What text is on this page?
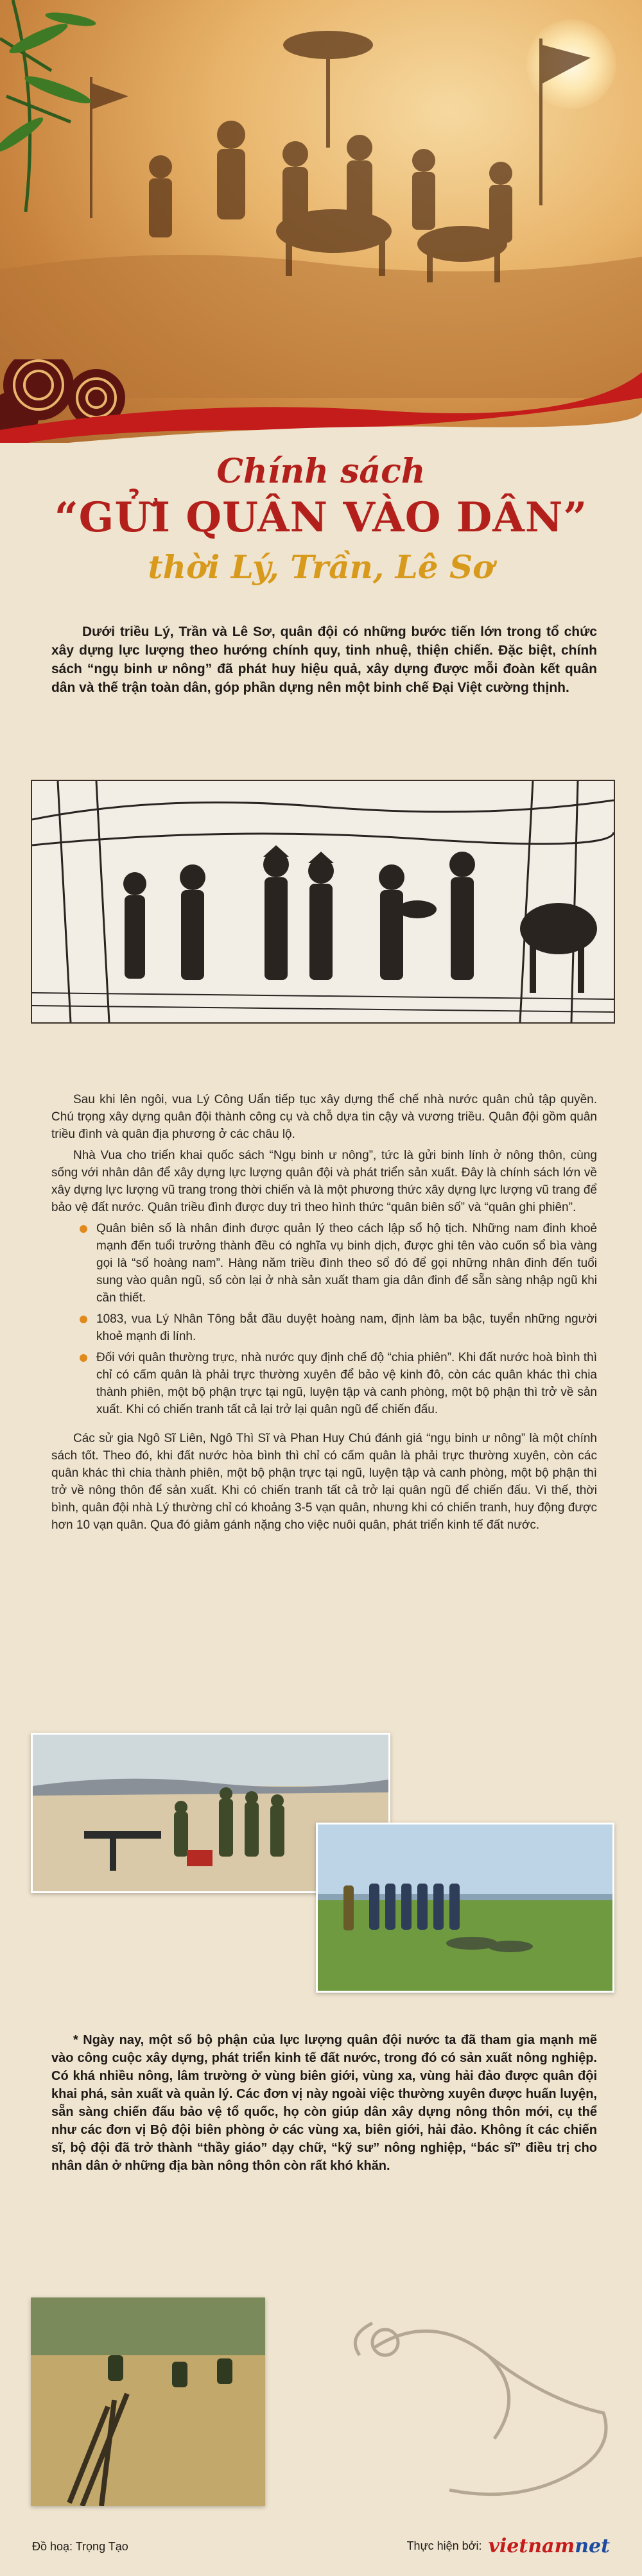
Chính sách
“GỬI QUÂN VÀO DÂN”
thời Lý, Trần, Lê Sơ

Dưới triều Lý, Trần và Lê Sơ, quân đội có những bước tiến lớn trong tổ chức xây dựng lực lượng theo hướng chính quy, tinh nhuệ, thiện chiến. Đặc biệt, chính sách “ngụ binh ư nông” đã phát huy hiệu quả, xây dựng được mỗi đoàn kết quân dân và thế trận toàn dân, góp phần dựng nên một binh chế Đại Việt cường thịnh.

Sau khi lên ngôi, vua Lý Công Uẩn tiếp tục xây dựng thể chế nhà nước quân chủ tập quyền. Chú trọng xây dựng quân đội thành công cụ và chỗ dựa tin cậy và vương triều. Quân đội gồm quân triều đình và quân địa phương ở các châu lộ.

Nhà Vua cho triển khai quốc sách “Ngụ binh ư nông”, tức là gửi binh lính ở nông thôn, cùng sống với nhân dân để xây dựng lực lượng quân đội và phát triển sản xuất. Đây là chính sách lớn về xây dựng lực lượng vũ trang trong thời chiến và là một phương thức xây dựng lực lượng vũ trang để bảo vệ đất nước. Quân triều đình được duy trì theo hình thức “quân biên số” và “quân ghi phiên”.

Quân biên số là nhân đinh được quản lý theo cách lập sổ hộ tịch. Những nam đinh khoẻ mạnh đến tuổi trưởng thành đều có nghĩa vụ binh dịch, được ghi tên vào cuốn sổ bìa vàng gọi là “sổ hoàng nam”. Hàng năm triều đình theo sổ đó để gọi những nhân đinh đến tuổi sung vào quân ngũ, số còn lại ở nhà sản xuất tham gia dân đinh để sẵn sàng nhập ngũ khi cần thiết.
1083, vua Lý Nhân Tông bắt đầu duyệt hoàng nam, định làm ba bậc, tuyển những người khoẻ mạnh đi lính.
Đối với quân thường trực, nhà nước quy định chế độ “chia phiên”. Khi đất nước hoà bình thì chỉ có cấm quân là phải trực thường xuyên để bảo vệ kinh đô, còn các quân khác thì chia thành phiên, một bộ phận trực tại ngũ, luyện tập và canh phòng, một bộ phận thì trở về sản xuất. Khi có chiến tranh tất cả lại trở lại quân ngũ để chiến đấu.

Các sử gia Ngô Sĩ Liên, Ngô Thì Sĩ và Phan Huy Chú đánh giá “ngụ binh ư nông” là một chính sách tốt. Theo đó, khi đất nước hòa bình thì chỉ có cấm quân là phải trực thường xuyên, còn các quân khác thì chia thành phiên, một bộ phận trực tại ngũ, luyện tập và canh phòng, một bộ phận thì trở về nông thôn để sản xuất. Khi có chiến tranh tất cả trở lại quân ngũ để chiến đấu. Vì thế, thời bình, quân đội nhà Lý thường chỉ có khoảng 3-5 vạn quân, nhưng khi có chiến tranh, huy động được hơn 10 vạn quân. Qua đó giảm gánh nặng cho việc nuôi quân, phát triển kinh tế đất nước.

* Ngày nay, một số bộ phận của lực lượng quân đội nước ta đã tham gia mạnh mẽ vào công cuộc xây dựng, phát triển kinh tế đất nước, trong đó có sản xuất nông nghiệp. Có khá nhiều nông, lâm trường ở vùng biên giới, vùng xa, vùng hải đảo được quân đội khai phá, sản xuất và quản lý. Các đơn vị này ngoài việc thường xuyên được huấn luyện, sẵn sàng chiến đấu bảo vệ tổ quốc, họ còn giúp dân xây dựng nông thôn mới, cụ thể như các đơn vị Bộ đội biên phòng ở các vùng xa, biên giới, hải đảo. Không ít các chiến sĩ, bộ đội đã trở thành “thầy giáo” dạy chữ, “kỹ sư” nông nghiệp, “bác sĩ” điều trị cho nhân dân ở những địa bàn nông thôn còn rất khó khăn.

Đồ hoạ: Trọng Tạo	Thực hiện bởi: vietnamnet
